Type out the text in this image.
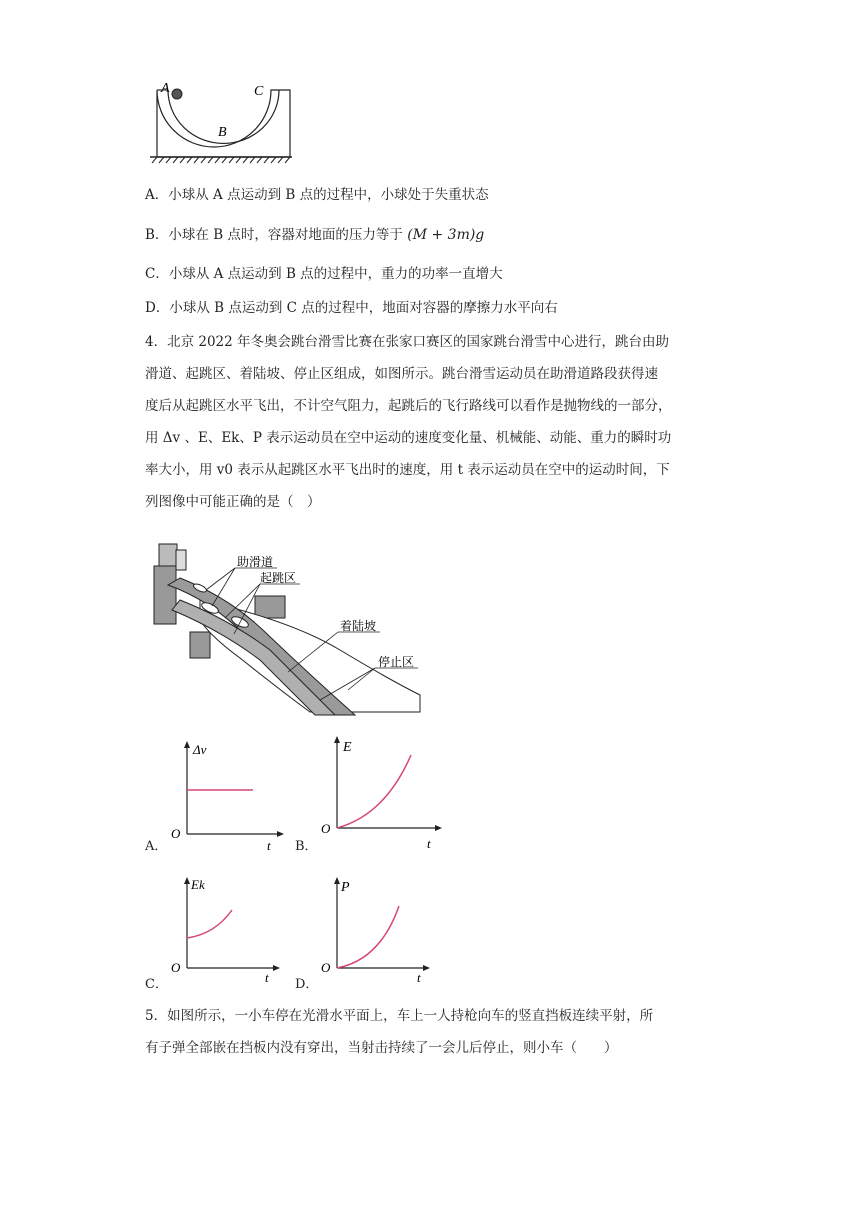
A	C
B
A．小球从 A 点运动到 B 点的过程中，小球处于失重状态
B．小球在 B 点时，容器对地面的压力等于 (M + 3m)g
C．小球从 A 点运动到 B 点的过程中，重力的功率一直增大
D．小球从 B 点运动到 C 点的过程中，地面对容器的摩擦力水平向右
4．北京 2022 年冬奥会跳台滑雪比赛在张家口赛区的国家跳台滑雪中心进行，跳台由助
滑道、起跳区、着陆坡、停止区组成，如图所示。跳台滑雪运动员在助滑道路段获得速
度后从起跳区水平飞出，不计空气阻力，起跳后的飞行路线可以看作是抛物线的一部分，
用 Δv 、E、Ek、P 表示运动员在空中运动的速度变化量、机械能、动能、重力的瞬时功
率大小，用 v0 表示从起跳区水平飞出时的速度，用 t 表示运动员在空中的运动时间，下
列图像中可能正确的是（　）
助滑道
起跳区
着陆坡
停止区
Δv
O
t
A．
E
O
t
B．
Ek
O
t
C．
P
O
t
D．
5．如图所示，一小车停在光滑水平面上，车上一人持枪向车的竖直挡板连续平射，所
有子弹全部嵌在挡板内没有穿出，当射击持续了一会儿后停止，则小车（　　）
